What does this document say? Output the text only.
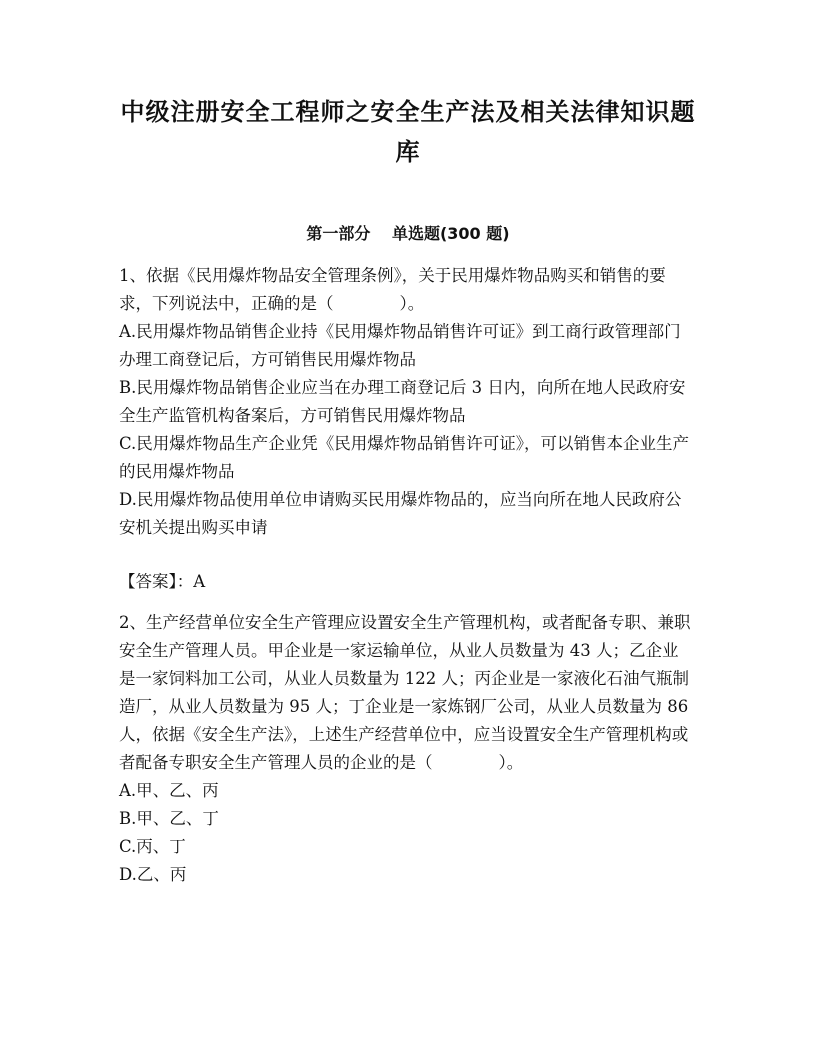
中级注册安全工程师之安全生产法及相关法律知识题库
第一部分　 单选题(300 题)
1、依据《民用爆炸物品安全管理条例》，关于民用爆炸物品购买和销售的要求，下列说法中，正确的是（　　　　）。
A.民用爆炸物品销售企业持《民用爆炸物品销售许可证》到工商行政管理部门办理工商登记后，方可销售民用爆炸物品
B.民用爆炸物品销售企业应当在办理工商登记后 3 日内，向所在地人民政府安全生产监管机构备案后，方可销售民用爆炸物品
C.民用爆炸物品生产企业凭《民用爆炸物品销售许可证》，可以销售本企业生产的民用爆炸物品
D.民用爆炸物品使用单位申请购买民用爆炸物品的，应当向所在地人民政府公安机关提出购买申请
【答案】：A
2、生产经营单位安全生产管理应设置安全生产管理机构，或者配备专职、兼职安全生产管理人员。甲企业是一家运输单位，从业人员数量为 43 人；乙企业是一家饲料加工公司，从业人员数量为 122 人；丙企业是一家液化石油气瓶制造厂，从业人员数量为 95 人；丁企业是一家炼钢厂公司，从业人员数量为 86 人，依据《安全生产法》，上述生产经营单位中，应当设置安全生产管理机构或者配备专职安全生产管理人员的企业的是（　　　　）。
A.甲、乙、丙
B.甲、乙、丁
C.丙、丁
D.乙、丙
